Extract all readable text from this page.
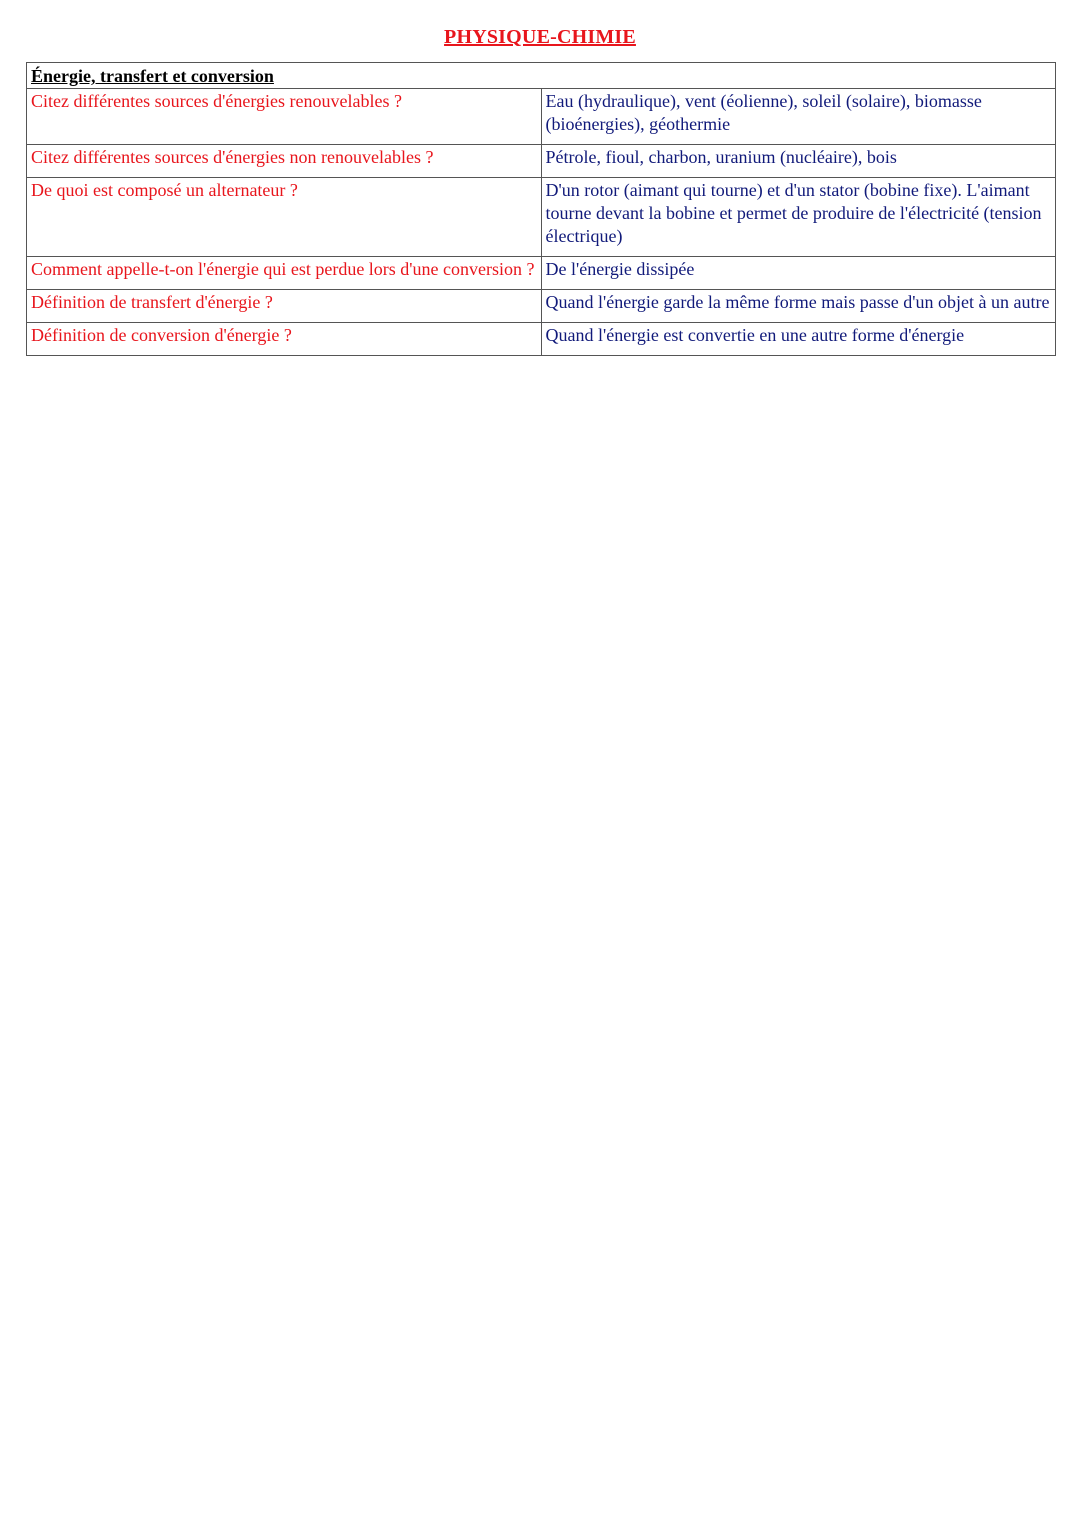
PHYSIQUE-CHIMIE
Énergie, transfert et conversion	
Citez différentes sources d'énergies renouvelables ?	Eau (hydraulique), vent (éolienne), soleil (solaire), biomasse (bioénergies), géothermie
Citez différentes sources d'énergies non renouvelables ?	Pétrole, fioul, charbon, uranium (nucléaire), bois
De quoi est composé un alternateur ?	D'un rotor (aimant qui tourne) et d'un stator (bobine fixe). L'aimant tourne devant la bobine et permet de produire de l'électricité (tension électrique)
Comment appelle-t-on l'énergie qui est perdue lors d'une conversion ?	De l'énergie dissipée
Définition de transfert d'énergie ?	Quand l'énergie garde la même forme mais passe d'un objet à un autre
Définition de conversion d'énergie ?	Quand l'énergie est convertie en une autre forme d'énergie
